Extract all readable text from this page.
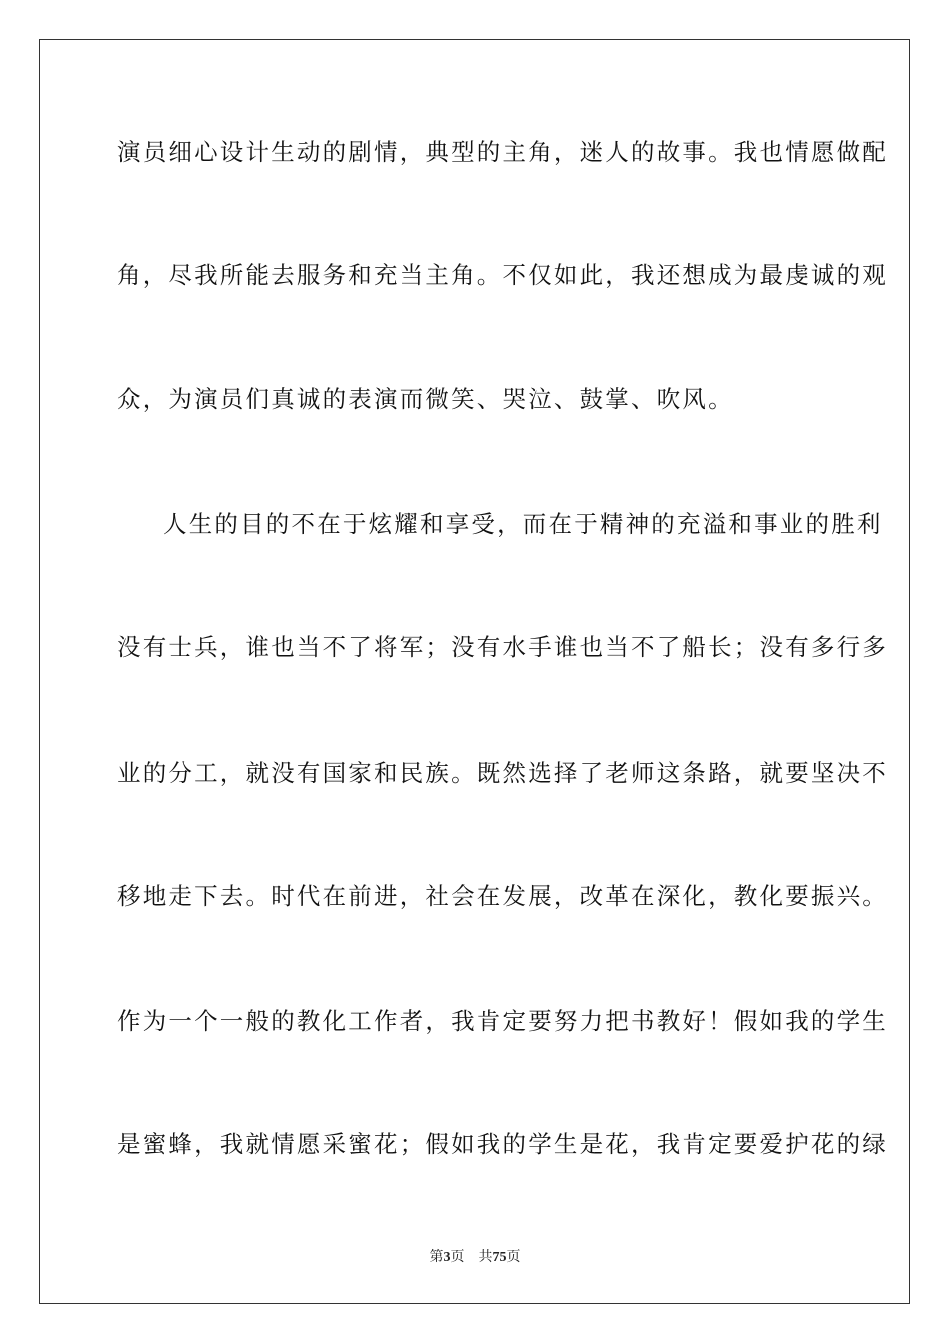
演员细心设计生动的剧情，典型的主角，迷人的故事。我也情愿做配
角，尽我所能去服务和充当主角。不仅如此，我还想成为最虔诚的观
众，为演员们真诚的表演而微笑、哭泣、鼓掌、吹风。
人生的目的不在于炫耀和享受，而在于精神的充溢和事业的胜利
没有士兵，谁也当不了将军；没有水手谁也当不了船长；没有多行多
业的分工，就没有国家和民族。既然选择了老师这条路，就要坚决不
移地走下去。时代在前进，社会在发展，改革在深化，教化要振兴。
作为一个一般的教化工作者，我肯定要努力把书教好！假如我的学生
是蜜蜂，我就情愿采蜜花；假如我的学生是花，我肯定要爱护花的绿
第3页 共75页
